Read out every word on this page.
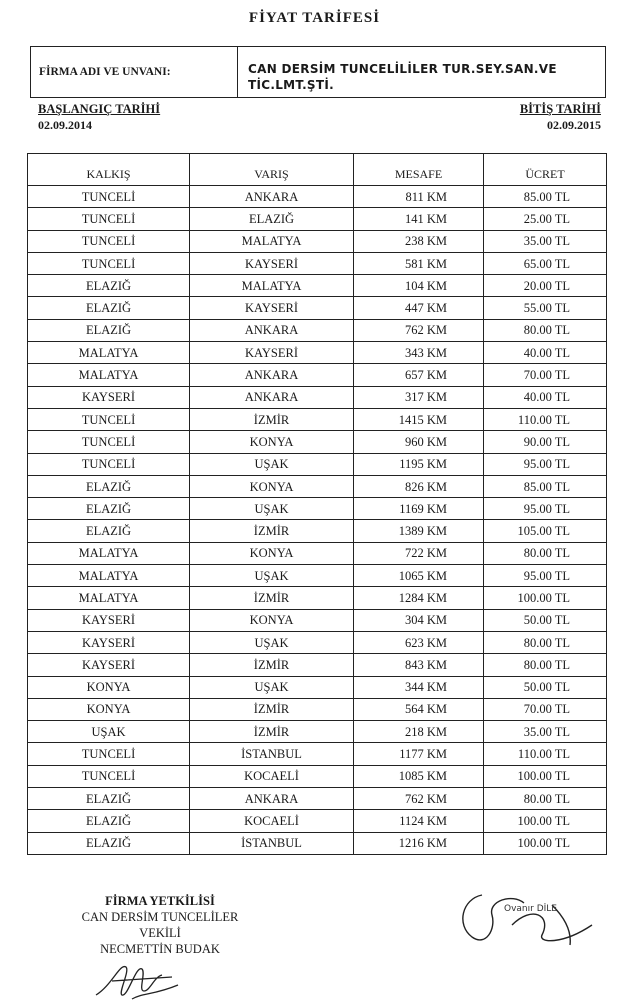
FİYAT TARİFESİ
FİRMA ADI VE UNVANI:	CAN DERSİM TUNCELİLİLER TUR.SEY.SAN.VE
TİC.LMT.ŞTİ.
BAŞLANGIÇ TARİHİ
02.09.2014
BİTİŞ TARİHİ
02.09.2015
KALKIŞ	VARIŞ	MESAFE	ÜCRET
TUNCELİ	ANKARA	811 KM	85.00 TL
TUNCELİ	ELAZIĞ	141 KM	25.00 TL
TUNCELİ	MALATYA	238 KM	35.00 TL
TUNCELİ	KAYSERİ	581 KM	65.00 TL
ELAZIĞ	MALATYA	104 KM	20.00 TL
ELAZIĞ	KAYSERİ	447 KM	55.00 TL
ELAZIĞ	ANKARA	762 KM	80.00 TL
MALATYA	KAYSERİ	343 KM	40.00 TL
MALATYA	ANKARA	657 KM	70.00 TL
KAYSERİ	ANKARA	317 KM	40.00 TL
TUNCELİ	İZMİR	1415 KM	110.00 TL
TUNCELİ	KONYA	960 KM	90.00 TL
TUNCELİ	UŞAK	1195 KM	95.00 TL
ELAZIĞ	KONYA	826 KM	85.00 TL
ELAZIĞ	UŞAK	1169 KM	95.00 TL
ELAZIĞ	İZMİR	1389 KM	105.00 TL
MALATYA	KONYA	722 KM	80.00 TL
MALATYA	UŞAK	1065 KM	95.00 TL
MALATYA	İZMİR	1284 KM	100.00 TL
KAYSERİ	KONYA	304 KM	50.00 TL
KAYSERİ	UŞAK	623 KM	80.00 TL
KAYSERİ	İZMİR	843 KM	80.00 TL
KONYA	UŞAK	344 KM	50.00 TL
KONYA	İZMİR	564 KM	70.00 TL
UŞAK	İZMİR	218 KM	35.00 TL
TUNCELİ	İSTANBUL	1177 KM	110.00 TL
TUNCELİ	KOCAELİ	1085 KM	100.00 TL
ELAZIĞ	ANKARA	762 KM	80.00 TL
ELAZIĞ	KOCAELİ	1124 KM	100.00 TL
ELAZIĞ	İSTANBUL	1216 KM	100.00 TL
FİRMA YETKİLİSİ
CAN DERSİM TUNCELİLER
VEKİLİ
NECMETTİN BUDAK
Ovanır DİLE
